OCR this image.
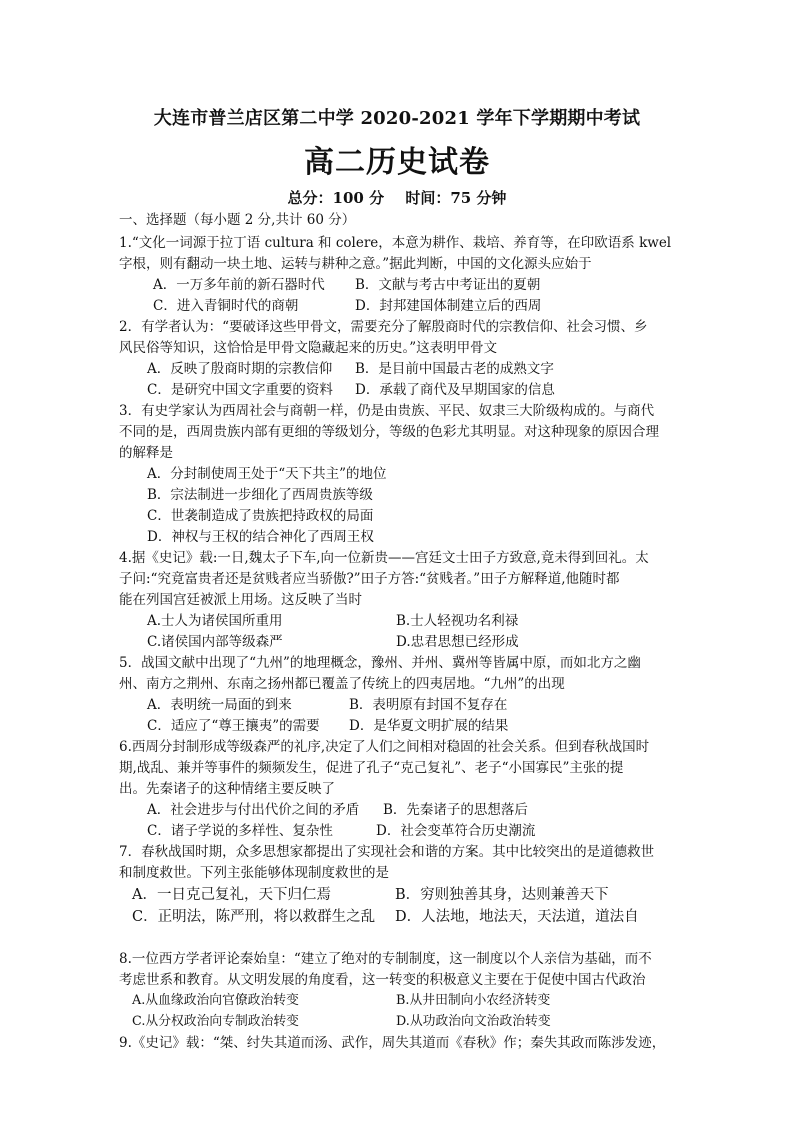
大连市普兰店区第二中学 2020-2021 学年下学期期中考试
高二历史试卷
总分：100 分 时间：75 分钟
一、选择题（每小题 2 分,共计 60 分）
1.“文化一词源于拉丁语 cultura 和 colere，本意为耕作、栽培、养育等，在印欧语系 kwel
字根，则有翻动一块土地、运转与耕种之意。”据此判断，中国的文化源头应始于
A．一万多年前的新石器时代 B．文献与考古中考证出的夏朝
C．进入青铜时代的商朝	D．封邦建国体制建立后的西周
2．有学者认为：“要破译这些甲骨文，需要充分了解殷商时代的宗教信仰、社会习惯、乡
风民俗等知识，这恰恰是甲骨文隐藏起来的历史。”这表明甲骨文
A．反映了殷商时期的宗教信仰 B．是目前中国最古老的成熟文字
C．是研究中国文字重要的资料 D．承载了商代及早期国家的信息
3．有史学家认为西周社会与商朝一样，仍是由贵族、平民、奴隶三大阶级构成的。与商代
不同的是，西周贵族内部有更细的等级划分，等级的色彩尤其明显。对这种现象的原因合理
的解释是
A．分封制使周王处于“天下共主”的地位
B．宗法制进一步细化了西周贵族等级
C．世袭制造成了贵族把持政权的局面
D．神权与王权的结合神化了西周王权
4.据《史记》载:一日,魏太子下车,向一位新贵——宫廷文士田子方致意,竟未得到回礼。太
子问:“究竟富贵者还是贫贱者应当骄傲?”田子方答:“贫贱者。”田子方解释道,他随时都
能在列国宫廷被派上用场。这反映了当时
A.士人为诸侯国所重用	B.士人轻视功名利禄
C.诸侯国内部等级森严	D.忠君思想已经形成
5．战国文献中出现了“九州”的地理概念，豫州、并州、冀州等皆属中原，而如北方之幽
州、南方之荆州、东南之扬州都已覆盖了传统上的四夷居地。“九州”的出现
A．表明统一局面的到来	B．表明原有封国不复存在
C．适应了“尊王攘夷”的需要 D．是华夏文明扩展的结果
6.西周分封制形成等级森严的礼序,决定了人们之间相对稳固的社会关系。但到春秋战国时
期,战乱、兼并等事件的频频发生，促进了孔子“克己复礼”、老子“小国寡民”主张的提
出。先秦诸子的这种情绪主要反映了
A．社会进步与付出代价之间的矛盾 B．先秦诸子的思想落后
C．诸子学说的多样性、复杂性	D．社会变革符合历史潮流
7．春秋战国时期，众多思想家都提出了实现社会和谐的方案。其中比较突出的是道德救世
和制度救世。下列主张能够体现制度救世的是
A．一日克己复礼，天下归仁焉	B．穷则独善其身，达则兼善天下
C．正明法，陈严刑，将以救群生之乱 D．人法地，地法天，天法道，道法自
8.一位西方学者评论秦始皇：“建立了绝对的专制制度，这一制度以个人亲信为基础，而不
考虑世系和教育。从文明发展的角度看，这一转变的积极意义主要在于促使中国古代政治
A.从血缘政治向官僚政治转变	B.从井田制向小农经济转变
C.从分权政治向专制政治转变	D.从功政治向文治政治转变
9.《史记》载：“桀、纣失其道而汤、武作，周失其道而《春秋》作；秦失其政而陈涉发迹，
